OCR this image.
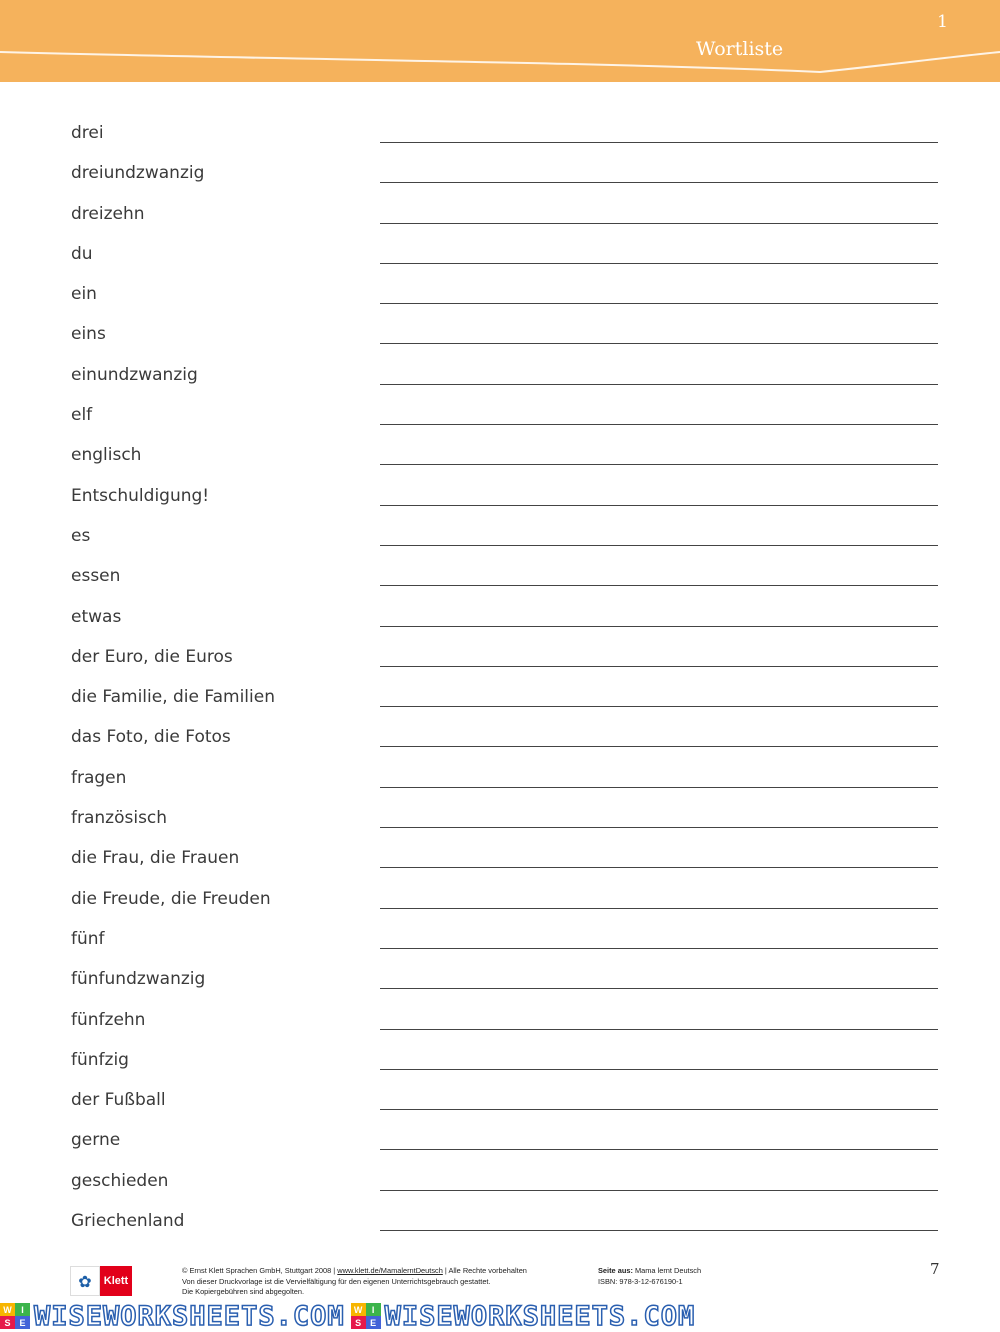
1
Wortliste
drei
dreiundzwanzig
dreizehn
du
ein
eins
einundzwanzig
elf
englisch
Entschuldigung!
es
essen
etwas
der Euro, die Euros
die Familie, die Familien
das Foto, die Fotos
fragen
französisch
die Frau, die Frauen
die Freude, die Freuden
fünf
fünfundzwanzig
fünfzehn
fünfzig
der Fußball
gerne
geschieden
Griechenland
✿	Klett
© Ernst Klett Sprachen GmbH, Stuttgart 2008 | www.klett.de/MamalerntDeutsch | Alle Rechte vorbehalten
Von dieser Druckvorlage ist die Vervielfältigung für den eigenen Unterrichtsgebrauch gestattet.
Die Kopiergebühren sind abgegolten.
Seite aus: Mama lernt Deutsch
ISBN: 978-3-12-676190-1
7
W	I
S E WISEWORKSHEETS.COM	W	I
S E WISEWORKSHEETS.COM
